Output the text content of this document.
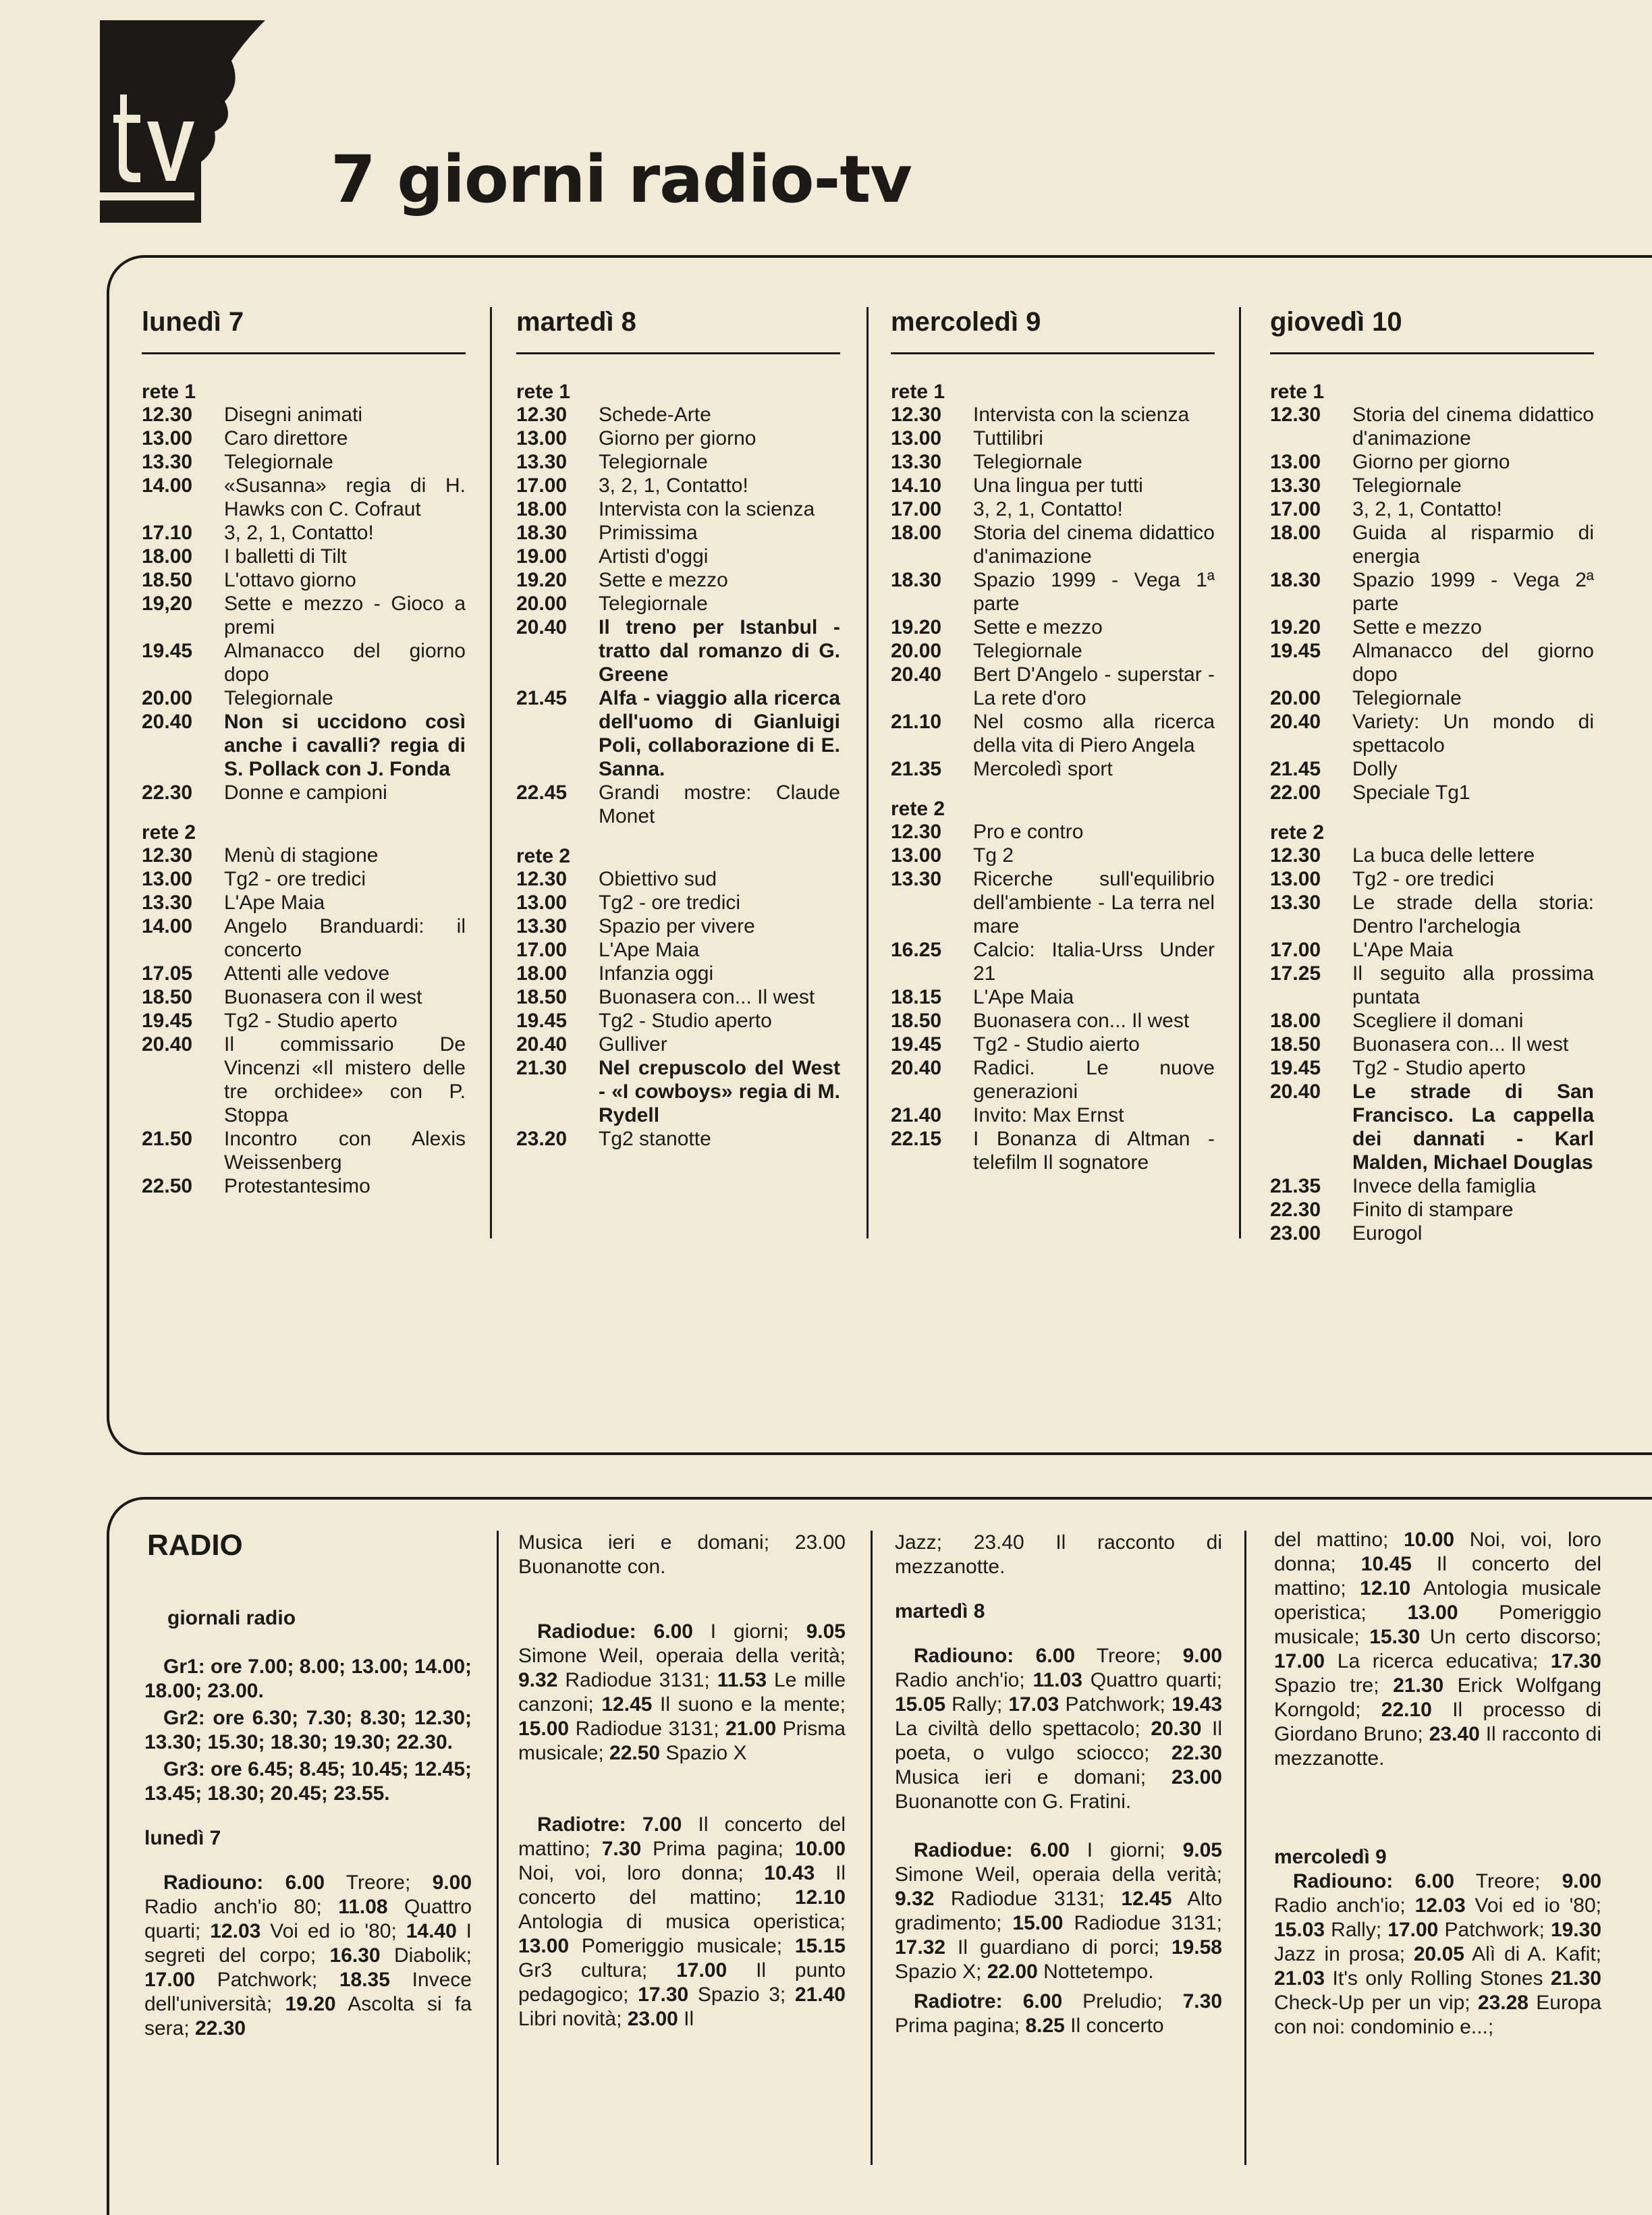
tv	7 giorni radio-tv
lunedì 7
rete 1
12.30	Disegni animati
13.00	Caro direttore
13.30	Telegiornale
14.00	«Susanna» regia di H. Hawks con C. Cofraut
17.10	3, 2, 1, Contatto!
18.00	I balletti di Tilt
18.50	L'ottavo giorno
19,20	Sette e mezzo - Gioco a premi
19.45	Almanacco del giorno dopo
20.00	Telegiornale
20.40	Non si uccidono così anche i cavalli? regia di S. Pollack con J. Fonda
22.30	Donne e campioni
rete 2
12.30	Menù di stagione
13.00	Tg2 - ore tredici
13.30	L'Ape Maia
14.00	Angelo Branduardi: il concerto
17.05	Attenti alle vedove
18.50	Buonasera con il west
19.45	Tg2 - Studio aperto
20.40	Il commissario De Vincenzi «Il mistero delle tre orchidee» con P. Stoppa
21.50	Incontro con Alexis Weissenberg
22.50	Protestantesimo
martedì 8
rete 1
12.30	Schede-Arte
13.00	Giorno per giorno
13.30	Telegiornale
17.00	3, 2, 1, Contatto!
18.00	Intervista con la scienza
18.30	Primissima
19.00	Artisti d'oggi
19.20	Sette e mezzo
20.00	Telegiornale
20.40	Il treno per Istanbul - tratto dal romanzo di G. Greene
21.45	Alfa - viaggio alla ricerca dell'uomo di Gianluigi Poli, collaborazione di E. Sanna.
22.45	Grandi mostre: Claude Monet
rete 2
12.30	Obiettivo sud
13.00	Tg2 - ore tredici
13.30	Spazio per vivere
17.00	L'Ape Maia
18.00	Infanzia oggi
18.50	Buonasera con... Il west
19.45	Tg2 - Studio aperto
20.40	Gulliver
21.30	Nel crepuscolo del West - «I cowboys» regia di M. Rydell
23.20	Tg2 stanotte
mercoledì 9
rete 1
12.30	Intervista con la scienza
13.00	Tuttilibri
13.30	Telegiornale
14.10	Una lingua per tutti
17.00	3, 2, 1, Contatto!
18.00	Storia del cinema didattico d'animazione
18.30	Spazio 1999 - Vega 1ª parte
19.20	Sette e mezzo
20.00	Telegiornale
20.40	Bert D'Angelo - superstar - La rete d'oro
21.10	Nel cosmo alla ricerca della vita di Piero Angela
21.35	Mercoledì sport
rete 2
12.30	Pro e contro
13.00	Tg 2
13.30	Ricerche sull'equilibrio dell'ambiente - La terra nel mare
16.25	Calcio: Italia-Urss Under 21
18.15	L'Ape Maia
18.50	Buonasera con... Il west
19.45	Tg2 - Studio aierto
20.40	Radici. Le nuove generazioni
21.40	Invito: Max Ernst
22.15	I Bonanza di Altman - telefilm Il sognatore
giovedì 10
rete 1
12.30	Storia del cinema didattico d'animazione
13.00	Giorno per giorno
13.30	Telegiornale
17.00	3, 2, 1, Contatto!
18.00	Guida al risparmio di energia
18.30	Spazio 1999 - Vega 2ª parte
19.20	Sette e mezzo
19.45	Almanacco del giorno dopo
20.00	Telegiornale
20.40	Variety: Un mondo di spettacolo
21.45	Dolly
22.00	Speciale Tg1
rete 2
12.30	La buca delle lettere
13.00	Tg2 - ore tredici
13.30	Le strade della storia: Dentro l'archelogia
17.00	L'Ape Maia
17.25	Il seguito alla prossima puntata
18.00	Scegliere il domani
18.50	Buonasera con... Il west
19.45	Tg2 - Studio aperto
20.40	Le strade di San Francisco. La cappella dei dannati - Karl Malden, Michael Douglas
21.35	Invece della famiglia
22.30	Finito di stampare
23.00	Eurogol
RADIO
giornali radio
Gr1: ore 7.00; 8.00; 13.00; 14.00; 18.00; 23.00.
Gr2: ore 6.30; 7.30; 8.30; 12.30; 13.30; 15.30; 18.30; 19.30; 22.30.
Gr3: ore 6.45; 8.45; 10.45; 12.45; 13.45; 18.30; 20.45; 23.55.
lunedì 7
Radiouno: 6.00 Treore; 9.00 Radio anch'io 80; 11.08 Quattro quarti; 12.03 Voi ed io '80; 14.40 I segreti del corpo; 16.30 Diabolik; 17.00 Patchwork; 18.35 Invece dell'università; 19.20 Ascolta si fa sera; 22.30
Musica ieri e domani; 23.00 Buonanotte con.
Radiodue: 6.00 I giorni; 9.05 Simone Weil, operaia della verità; 9.32 Radiodue 3131; 11.53 Le mille canzoni; 12.45 Il suono e la mente; 15.00 Radiodue 3131; 21.00 Prisma musicale; 22.50 Spazio X
Radiotre: 7.00 Il concerto del mattino; 7.30 Prima pagina; 10.00 Noi, voi, loro donna; 10.43 Il concerto del mattino; 12.10 Antologia di musica operistica; 13.00 Pomeriggio musicale; 15.15 Gr3 cultura; 17.00 Il punto pedagogico; 17.30 Spazio 3; 21.40 Libri novità; 23.00 Il
Jazz; 23.40 Il racconto di mezzanotte.
martedì 8
Radiouno: 6.00 Treore; 9.00 Radio anch'io; 11.03 Quattro quarti; 15.05 Rally; 17.03 Patchwork; 19.43 La civiltà dello spettacolo; 20.30 Il poeta, o vulgo sciocco; 22.30 Musica ieri e domani; 23.00 Buonanotte con G. Fratini.
Radiodue: 6.00 I giorni; 9.05 Simone Weil, operaia della verità; 9.32 Radiodue 3131; 12.45 Alto gradimento; 15.00 Radiodue 3131; 17.32 Il guardiano di porci; 19.58 Spazio X; 22.00 Nottetempo.
Radiotre: 6.00 Preludio; 7.30 Prima pagina; 8.25 Il concerto
del mattino; 10.00 Noi, voi, loro donna; 10.45 Il concerto del mattino; 12.10 Antologia musicale operistica; 13.00 Pomeriggio musicale; 15.30 Un certo discorso; 17.00 La ricerca educativa; 17.30 Spazio tre; 21.30 Erick Wolfgang Korngold; 22.10 Il processo di Giordano Bruno; 23.40 Il racconto di mezzanotte.
mercoledì 9
Radiouno: 6.00 Treore; 9.00 Radio anch'io; 12.03 Voi ed io '80; 15.03 Rally; 17.00 Patchwork; 19.30 Jazz in prosa; 20.05 Alì di A. Kafit; 21.03 It's only Rolling Stones 21.30 Check-Up per un vip; 23.28 Europa con noi: condominio e...;
